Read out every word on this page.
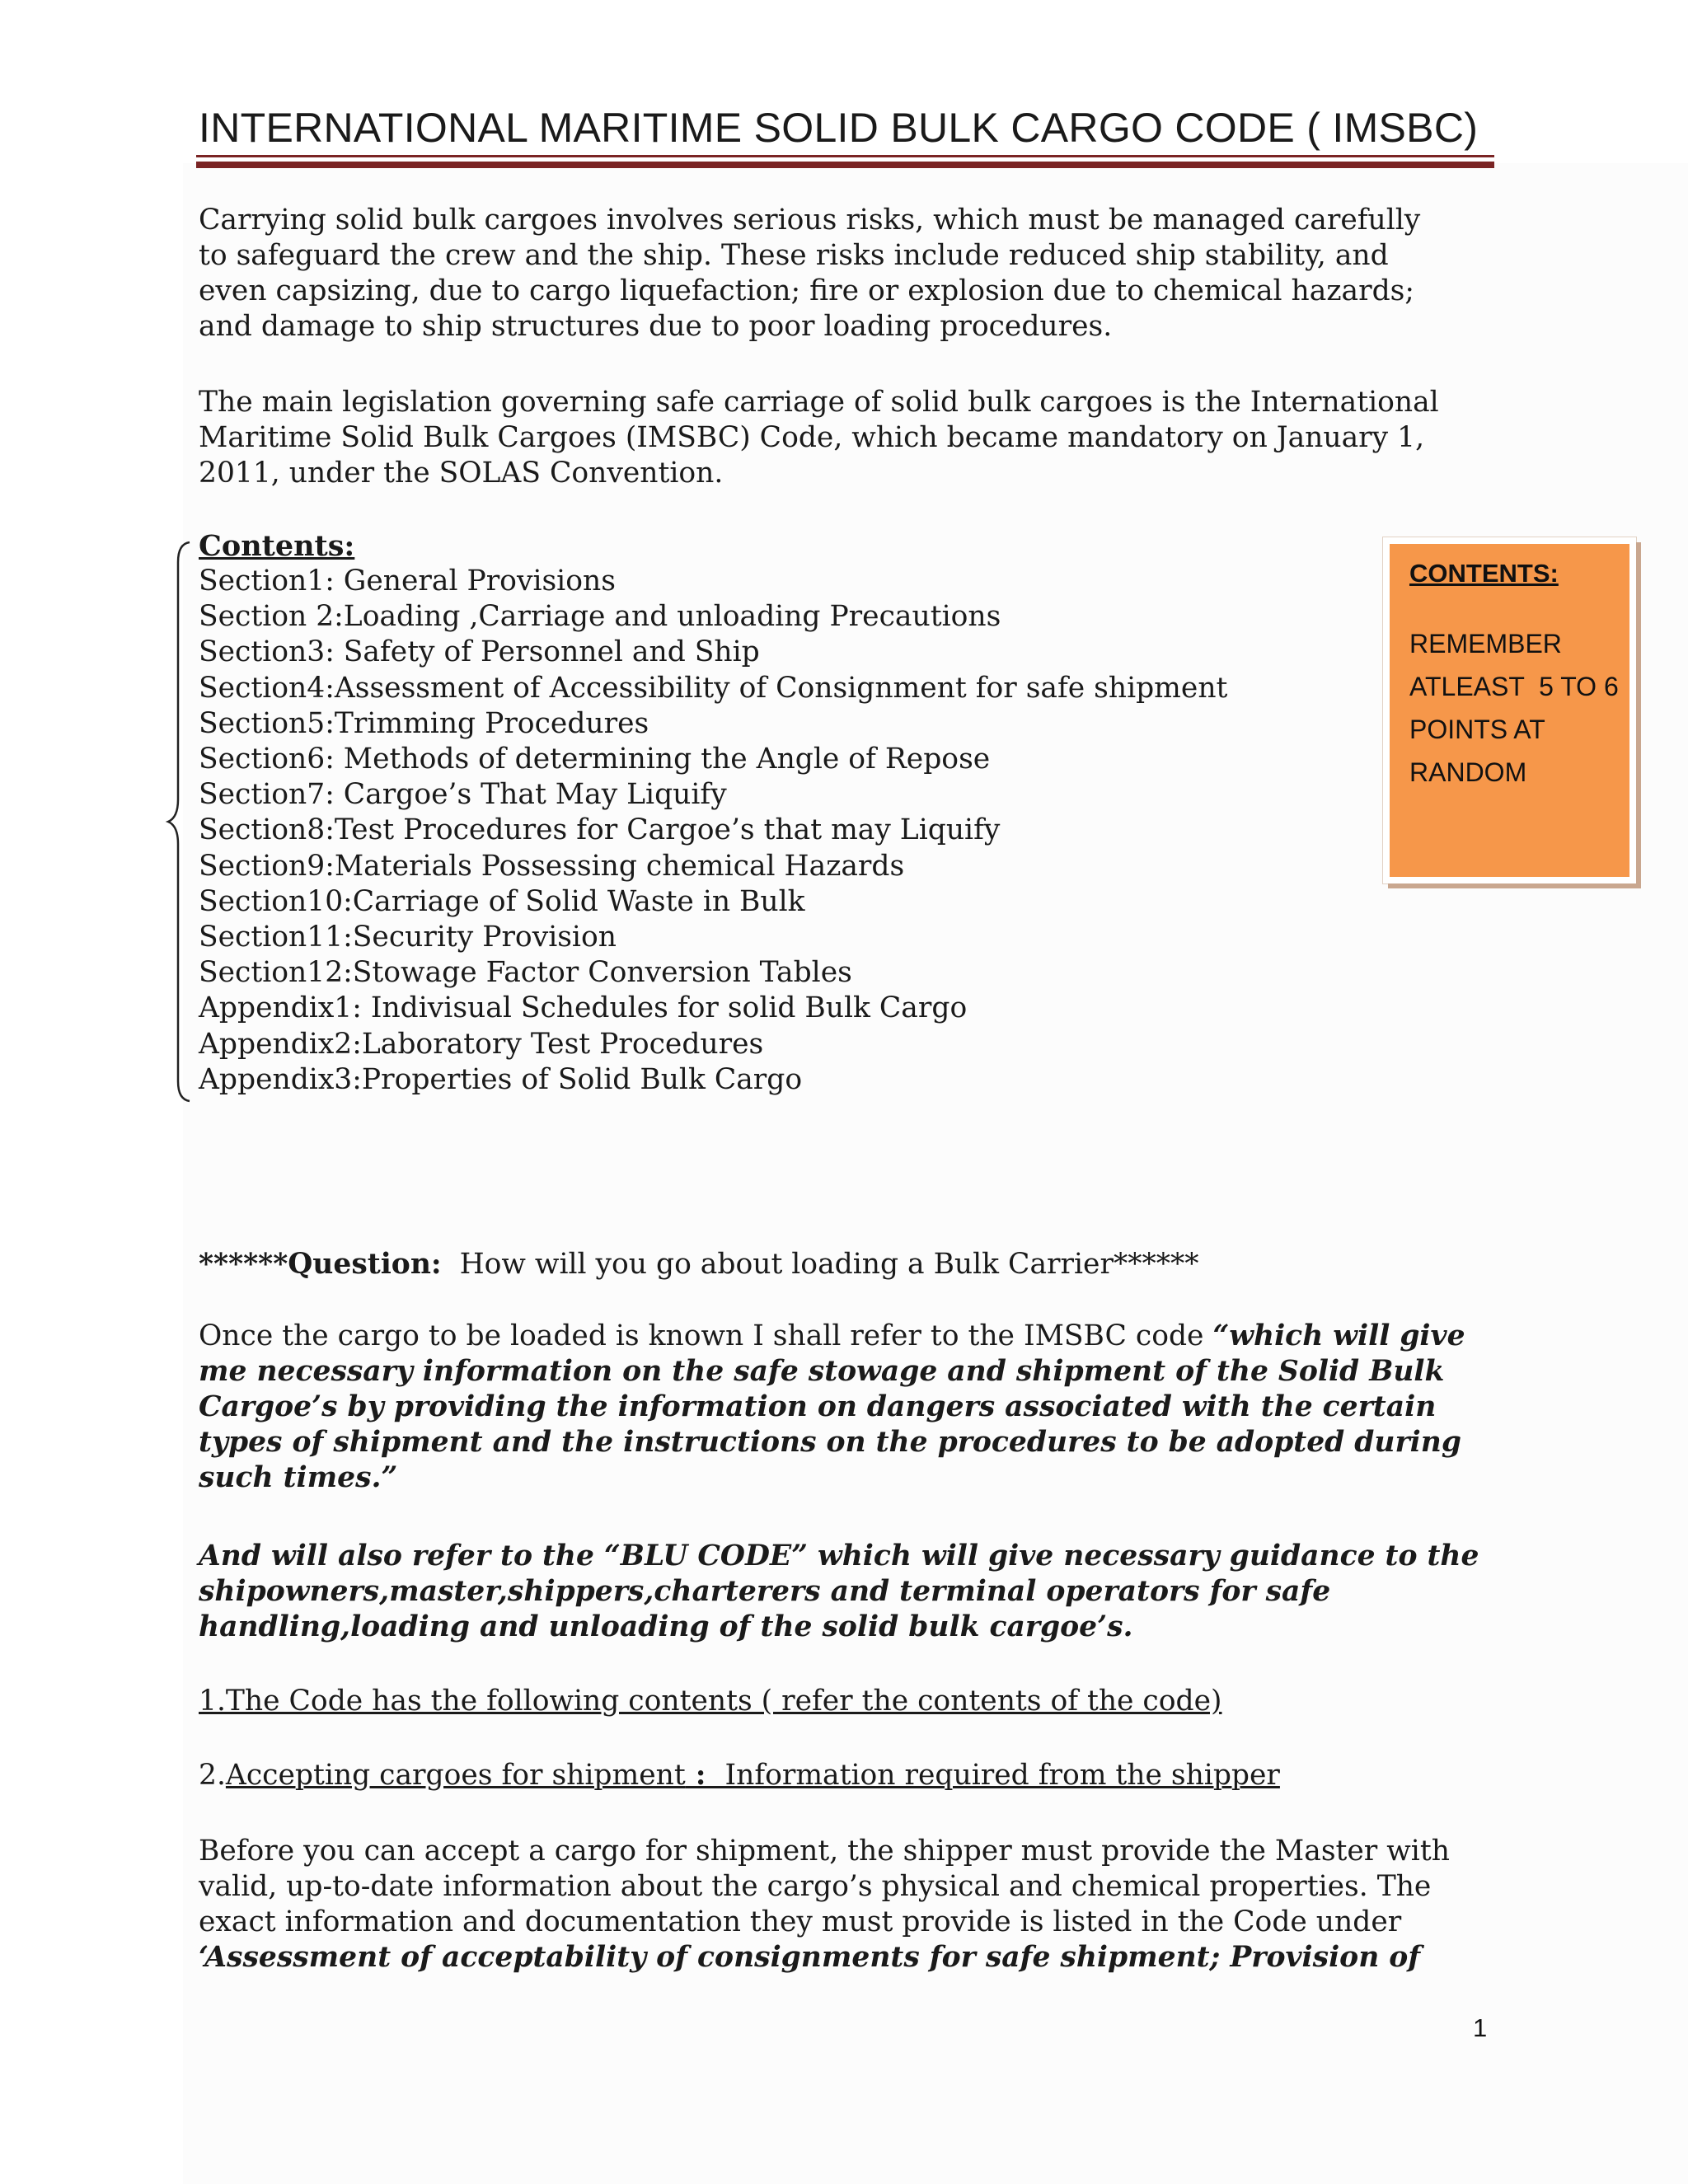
INTERNATIONAL MARITIME SOLID BULK CARGO CODE ( IMSBC)
Carrying solid bulk cargoes involves serious risks, which must be managed carefully
to safeguard the crew and the ship. These risks include reduced ship stability, and
even capsizing, due to cargo liquefaction; fire or explosion due to chemical hazards;
and damage to ship structures due to poor loading procedures.
The main legislation governing safe carriage of solid bulk cargoes is the International
Maritime Solid Bulk Cargoes (IMSBC) Code, which became mandatory on January 1,
2011, under the SOLAS Convention.
Contents:
Section1: General Provisions
Section 2:Loading ,Carriage and unloading Precautions
Section3: Safety of Personnel and Ship
Section4:Assessment of Accessibility of Consignment for safe shipment
Section5:Trimming Procedures
Section6: Methods of determining the Angle of Repose
Section7: Cargoe’s That May Liquify
Section8:Test Procedures for Cargoe’s that may Liquify
Section9:Materials Possessing chemical Hazards
Section10:Carriage of Solid Waste in Bulk
Section11:Security Provision
Section12:Stowage Factor Conversion Tables
Appendix1: Indivisual Schedules for solid Bulk Cargo
Appendix2:Laboratory Test Procedures
Appendix3:Properties of Solid Bulk Cargo
CONTENTS:
REMEMBER
ATLEAST  5 TO 6
POINTS AT
RANDOM

******Question: How will you go about loading a Bulk Carrier******

Once the cargo to be loaded is known I shall refer to the IMSBC code “which will give
me necessary information on the safe stowage and shipment of the Solid Bulk
Cargoe’s by providing the information on dangers associated with the certain
types of shipment and the instructions on the procedures to be adopted during
such times.”
And will also refer to the “BLU CODE” which will give necessary guidance to the
shipowners,master,shippers,charterers and terminal operators for safe
handling,loading and unloading of the solid bulk cargoe’s.

1.The Code has the following contents ( refer the contents of the code)

2.Accepting cargoes for shipment :  Information required from the shipper

Before you can accept a cargo for shipment, the shipper must provide the Master with
valid, up-to-date information about the cargo’s physical and chemical properties. The
exact information and documentation they must provide is listed in the Code under
‘Assessment of acceptability of consignments for safe shipment; Provision of
1
